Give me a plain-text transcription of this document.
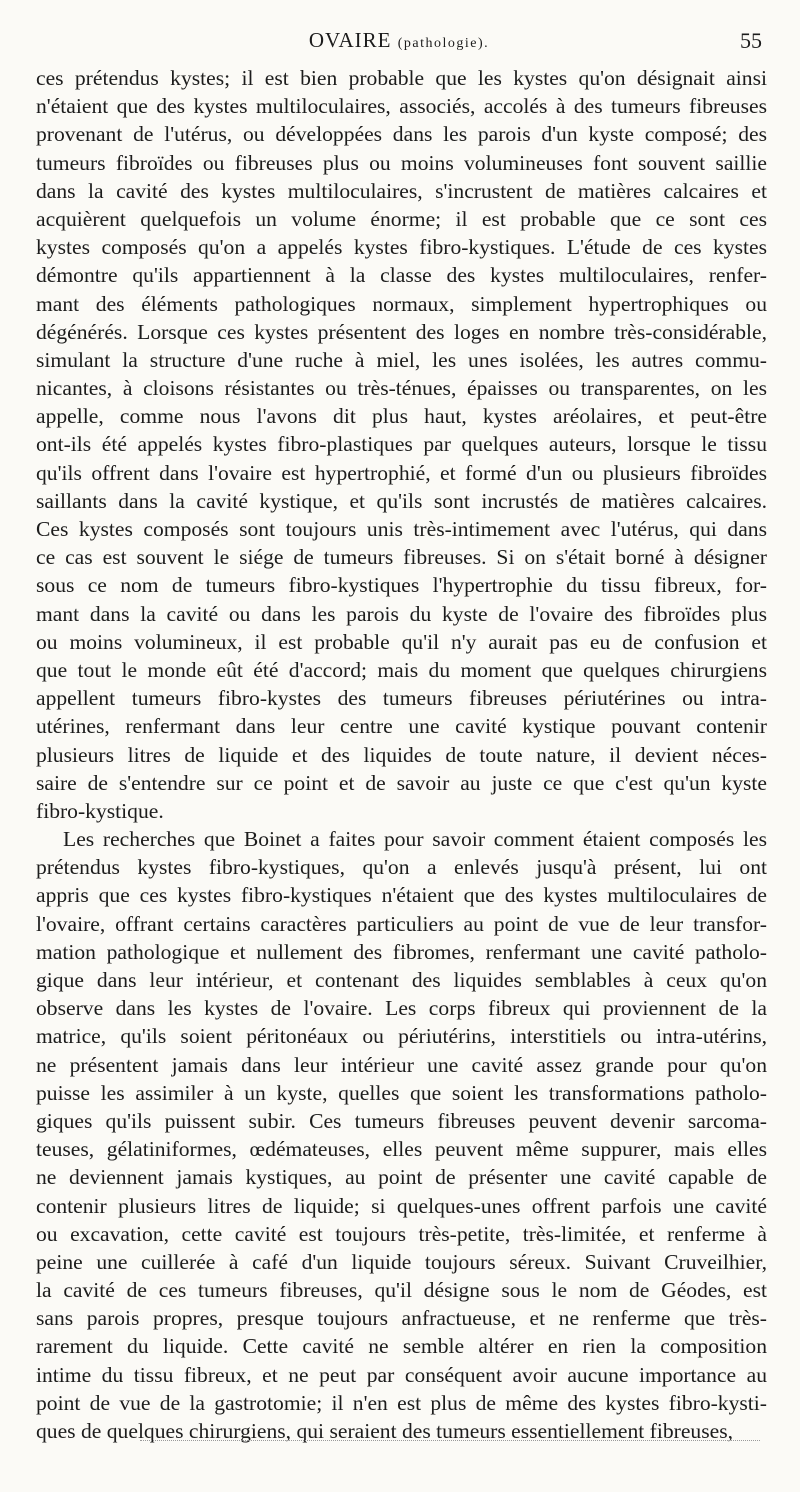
OVAIRE (pathologie).	55
ces prétendus kystes; il est bien probable que les kystes qu'on désignait ainsi
n'étaient que des kystes multiloculaires, associés, accolés à des tumeurs fibreuses
provenant de l'utérus, ou développées dans les parois d'un kyste composé; des
tumeurs fibroïdes ou fibreuses plus ou moins volumineuses font souvent saillie
dans la cavité des kystes multiloculaires, s'incrustent de matières calcaires et
acquièrent quelquefois un volume énorme; il est probable que ce sont ces
kystes composés qu'on a appelés kystes fibro-kystiques. L'étude de ces kystes
démontre qu'ils appartiennent à la classe des kystes multiloculaires, renfer-
mant des éléments pathologiques normaux, simplement hypertrophiques ou
dégénérés. Lorsque ces kystes présentent des loges en nombre très-considérable,
simulant la structure d'une ruche à miel, les unes isolées, les autres commu-
nicantes, à cloisons résistantes ou très-ténues, épaisses ou transparentes, on les
appelle, comme nous l'avons dit plus haut, kystes aréolaires, et peut-être
ont-ils été appelés kystes fibro-plastiques par quelques auteurs, lorsque le tissu
qu'ils offrent dans l'ovaire est hypertrophié, et formé d'un ou plusieurs fibroïdes
saillants dans la cavité kystique, et qu'ils sont incrustés de matières calcaires.
Ces kystes composés sont toujours unis très-intimement avec l'utérus, qui dans
ce cas est souvent le siége de tumeurs fibreuses. Si on s'était borné à désigner
sous ce nom de tumeurs fibro-kystiques l'hypertrophie du tissu fibreux, for-
mant dans la cavité ou dans les parois du kyste de l'ovaire des fibroïdes plus
ou moins volumineux, il est probable qu'il n'y aurait pas eu de confusion et
que tout le monde eût été d'accord; mais du moment que quelques chirurgiens
appellent tumeurs fibro-kystes des tumeurs fibreuses périutérines ou intra-
utérines, renfermant dans leur centre une cavité kystique pouvant contenir
plusieurs litres de liquide et des liquides de toute nature, il devient néces-
saire de s'entendre sur ce point et de savoir au juste ce que c'est qu'un kyste
fibro-kystique.
Les recherches que Boinet a faites pour savoir comment étaient composés les
prétendus kystes fibro-kystiques, qu'on a enlevés jusqu'à présent, lui ont
appris que ces kystes fibro-kystiques n'étaient que des kystes multiloculaires de
l'ovaire, offrant certains caractères particuliers au point de vue de leur transfor-
mation pathologique et nullement des fibromes, renfermant une cavité patholo-
gique dans leur intérieur, et contenant des liquides semblables à ceux qu'on
observe dans les kystes de l'ovaire. Les corps fibreux qui proviennent de la
matrice, qu'ils soient péritonéaux ou périutérins, interstitiels ou intra-utérins,
ne présentent jamais dans leur intérieur une cavité assez grande pour qu'on
puisse les assimiler à un kyste, quelles que soient les transformations patholo-
giques qu'ils puissent subir. Ces tumeurs fibreuses peuvent devenir sarcoma-
teuses, gélatiniformes, œdémateuses, elles peuvent même suppurer, mais elles
ne deviennent jamais kystiques, au point de présenter une cavité capable de
contenir plusieurs litres de liquide; si quelques-unes offrent parfois une cavité
ou excavation, cette cavité est toujours très-petite, très-limitée, et renferme à
peine une cuillerée à café d'un liquide toujours séreux. Suivant Cruveilhier,
la cavité de ces tumeurs fibreuses, qu'il désigne sous le nom de Géodes, est
sans parois propres, presque toujours anfractueuse, et ne renferme que très-
rarement du liquide. Cette cavité ne semble altérer en rien la composition
intime du tissu fibreux, et ne peut par conséquent avoir aucune importance au
point de vue de la gastrotomie; il n'en est plus de même des kystes fibro-kysti-
ques de quelques chirurgiens, qui seraient des tumeurs essentiellement fibreuses,
